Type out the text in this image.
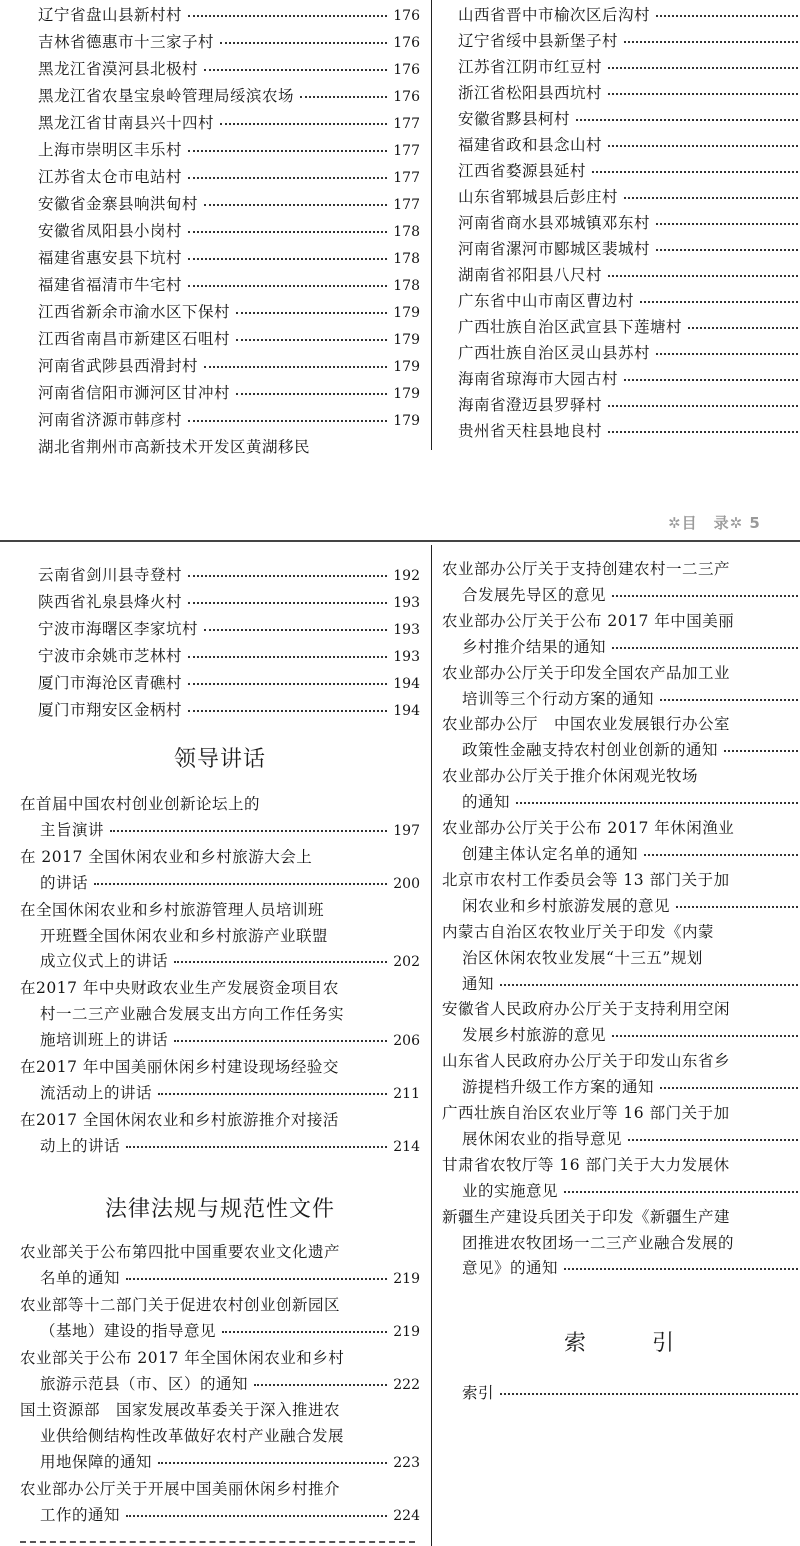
辽宁省盘山县新村村	176
吉林省德惠市十三家子村	176
黑龙江省漠河县北极村	176
黑龙江省农垦宝泉岭管理局绥滨农场	176
黑龙江省甘南县兴十四村	177
上海市崇明区丰乐村	177
江苏省太仓市电站村	177
安徽省金寨县响洪甸村	177
安徽省凤阳县小岗村	178
福建省惠安县下坑村	178
福建省福清市牛宅村	178
江西省新余市渝水区下保村	179
江西省南昌市新建区石咀村	179
河南省武陟县西滑封村	179
河南省信阳市浉河区甘冲村	179
河南省济源市韩彦村	179
湖北省荆州市高新技术开发区黄湖移民
山西省晋中市榆次区后沟村
辽宁省绥中县新堡子村
江苏省江阴市红豆村
浙江省松阳县西坑村
安徽省黟县柯村
福建省政和县念山村
江西省婺源县延村
山东省郓城县后彭庄村
河南省商水县邓城镇邓东村
河南省漯河市郾城区裴城村
湖南省祁阳县八尺村
广东省中山市南区曹边村
广西壮族自治区武宣县下莲塘村
广西壮族自治区灵山县苏村
海南省琼海市大园古村
海南省澄迈县罗驿村
贵州省天柱县地良村
✲目　录✲ 5
云南省剑川县寺登村	192
陕西省礼泉县烽火村	193
宁波市海曙区李家坑村	193
宁波市余姚市芝林村	193
厦门市海沧区青礁村	194
厦门市翔安区金柄村	194
领导讲话
在首届中国农村创业创新论坛上的
主旨演讲	197
在 2017 全国休闲农业和乡村旅游大会上
的讲话	200
在全国休闲农业和乡村旅游管理人员培训班
开班暨全国休闲农业和乡村旅游产业联盟
成立仪式上的讲话	202
在2017 年中央财政农业生产发展资金项目农
村一二三产业融合发展支出方向工作任务实
施培训班上的讲话	206
在2017 年中国美丽休闲乡村建设现场经验交
流活动上的讲话	211
在2017 全国休闲农业和乡村旅游推介对接活
动上的讲话	214
法律法规与规范性文件
农业部办公厅关于支持创建农村一二三产
合发展先导区的意见
农业部办公厅关于公布 2017 年中国美丽
乡村推介结果的通知
农业部办公厅关于印发全国农产品加工业
培训等三个行动方案的通知
农业部办公厅　中国农业发展银行办公室
政策性金融支持农村创业创新的通知
农业部办公厅关于推介休闲观光牧场
的通知
农业部办公厅关于公布 2017 年休闲渔业
创建主体认定名单的通知
北京市农村工作委员会等 13 部门关于加
闲农业和乡村旅游发展的意见
内蒙古自治区农牧业厅关于印发《内蒙
治区休闲农牧业发展“十三五”规划
通知
安徽省人民政府办公厅关于支持利用空闲
发展乡村旅游的意见
山东省人民政府办公厅关于印发山东省乡
游提档升级工作方案的通知
广西壮族自治区农业厅等 16 部门关于加
展休闲农业的指导意见
甘肃省农牧厅等 16 部门关于大力发展休
业的实施意见
新疆生产建设兵团关于印发《新疆生产建
团推进农牧团场一二三产业融合发展的
意见》的通知
索引
农业部关于公布第四批中国重要农业文化遗产
名单的通知	219
农业部等十二部门关于促进农村创业创新园区
（基地）建设的指导意见	219
农业部关于公布 2017 年全国休闲农业和乡村
旅游示范县（市、区）的通知	222
国土资源部　国家发展改革委关于深入推进农
业供给侧结构性改革做好农村产业融合发展
用地保障的通知	223
农业部办公厅关于开展中国美丽休闲乡村推介
工作的通知	224
索引
